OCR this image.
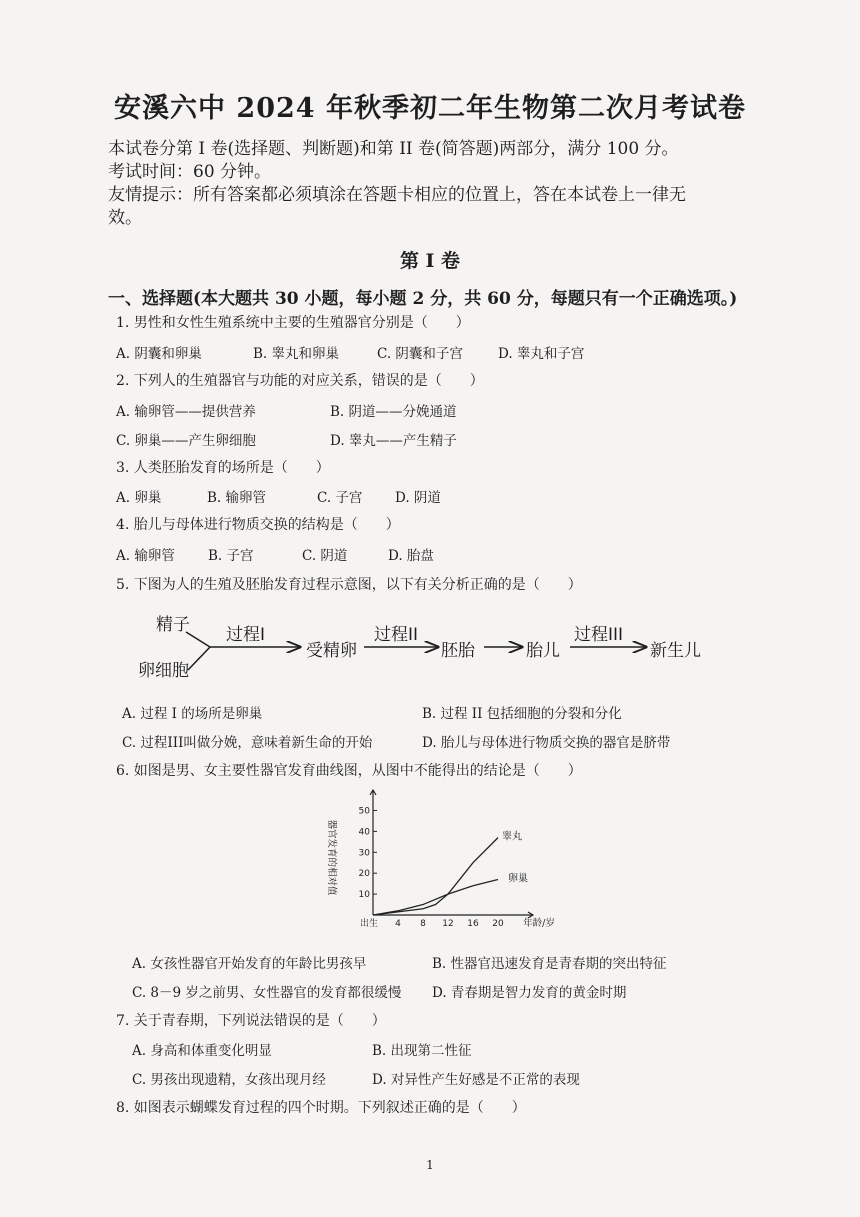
安溪六中 2024 年秋季初二年生物第二次月考试卷
本试卷分第 I 卷(选择题、判断题)和第 II 卷(简答题)两部分，满分 100 分。
考试时间：60 分钟。
友情提示：所有答案都必须填涂在答题卡相应的位置上，答在本试卷上一律无
效。
第 I 卷
一、选择题(本大题共 30 小题，每小题 2 分，共 60 分，每题只有一个正确选项。)
1. 男性和女性生殖系统中主要的生殖器官分别是（　　）
A. 阴囊和卵巢	B. 睾丸和卵巢	C. 阴囊和子宫	D. 睾丸和子宫
2. 下列人的生殖器官与功能的对应关系，错误的是（　　）
A. 输卵管——提供营养	B. 阴道——分娩通道
C. 卵巢——产生卵细胞	D. 睾丸——产生精子
3. 人类胚胎发育的场所是（　　）
A. 卵巢	B. 输卵管	C. 子宫 D. 阴道
4. 胎儿与母体进行物质交换的结构是（　　）
A. 输卵管 B. 子宫	C. 阴道	D. 胎盘
5. 下图为人的生殖及胚胎发育过程示意图，以下有关分析正确的是（　　）
精子
卵细胞
过程I
受精卵
过程II
胚胎	胎儿
过程III
新生儿
A. 过程 I 的场所是卵巢	B. 过程 II 包括细胞的分裂和分化
C. 过程III叫做分娩，意味着新生命的开始	D. 胎儿与母体进行物质交换的器官是脐带
6. 如图是男、女主要性器官发育曲线图，从图中不能得出的结论是（　　）
10
20
30
40
50
4 8 12 16 20
出生	年龄/岁
器官发育的相对值	睾丸
卵巢
A. 女孩性器官开始发育的年龄比男孩早	B. 性器官迅速发育是青春期的突出特征
C. 8－9 岁之前男、女性器官的发育都很缓慢 D. 青春期是智力发育的黄金时期
7. 关于青春期，下列说法错误的是（　　）
A. 身高和体重变化明显	B. 出现第二性征
C. 男孩出现遗精，女孩出现月经	D. 对异性产生好感是不正常的表现
8. 如图表示蝴蝶发育过程的四个时期。下列叙述正确的是（　　）
1
